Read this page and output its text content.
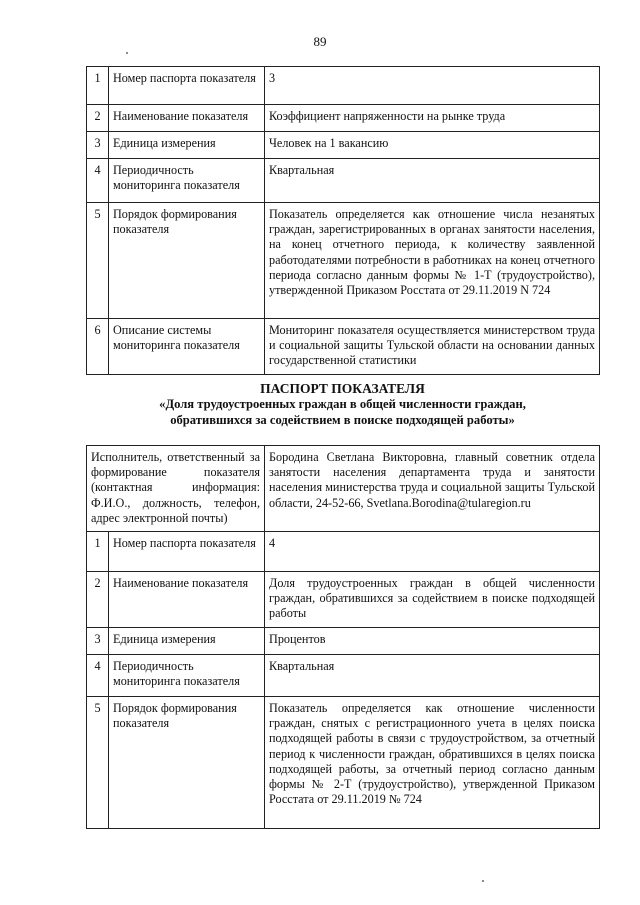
89
1	Номер паспорта показателя	3
2	Наименование показателя	Коэффициент напряженности на рынке труда
3	Единица измерения	Человек на 1 вакансию
4	Периодичность мониторинга показателя	Квартальная
5	Порядок формирования показателя	Показатель определяется как отношение числа незанятых граждан, зарегистрированных в органах занятости населения, на конец отчетного периода, к количеству заявленной работодателями потребности в работниках на конец отчетного периода согласно данным формы № 1-Т (трудоустройство), утвержденной Приказом Росстата от 29.11.2019 N 724
6	Описание системы мониторинга показателя	Мониторинг показателя осуществляется министерством труда и социальной защиты Тульской области на основании данных государственной статистики
ПАСПОРТ ПОКАЗАТЕЛЯ
«Доля трудоустроенных граждан в общей численности граждан,
обратившихся за содействием в поиске подходящей работы»
Исполнитель, ответственный за формирование показателя (контактная информация: Ф.И.О., должность, телефон, адрес электронной почты)		Бородина Светлана Викторовна, главный советник отдела занятости населения департамента труда и занятости населения министерства труда и социальной защиты Тульской области, 24-52-66, Svetlana.Borodina@tularegion.ru
1	Номер паспорта показателя	4
2	Наименование показателя	Доля трудоустроенных граждан в общей численности граждан, обратившихся за содействием в поиске подходящей работы
3	Единица измерения	Процентов
4	Периодичность мониторинга показателя	Квартальная
5	Порядок формирования показателя	Показатель определяется как отношение численности граждан, снятых с регистрационного учета в целях поиска подходящей работы в связи с трудоустройством, за отчетный период к численности граждан, обратившихся в целях поиска подходящей работы, за отчетный период согласно данным формы № 2-Т (трудоустройство), утвержденной Приказом Росстата от 29.11.2019 № 724
